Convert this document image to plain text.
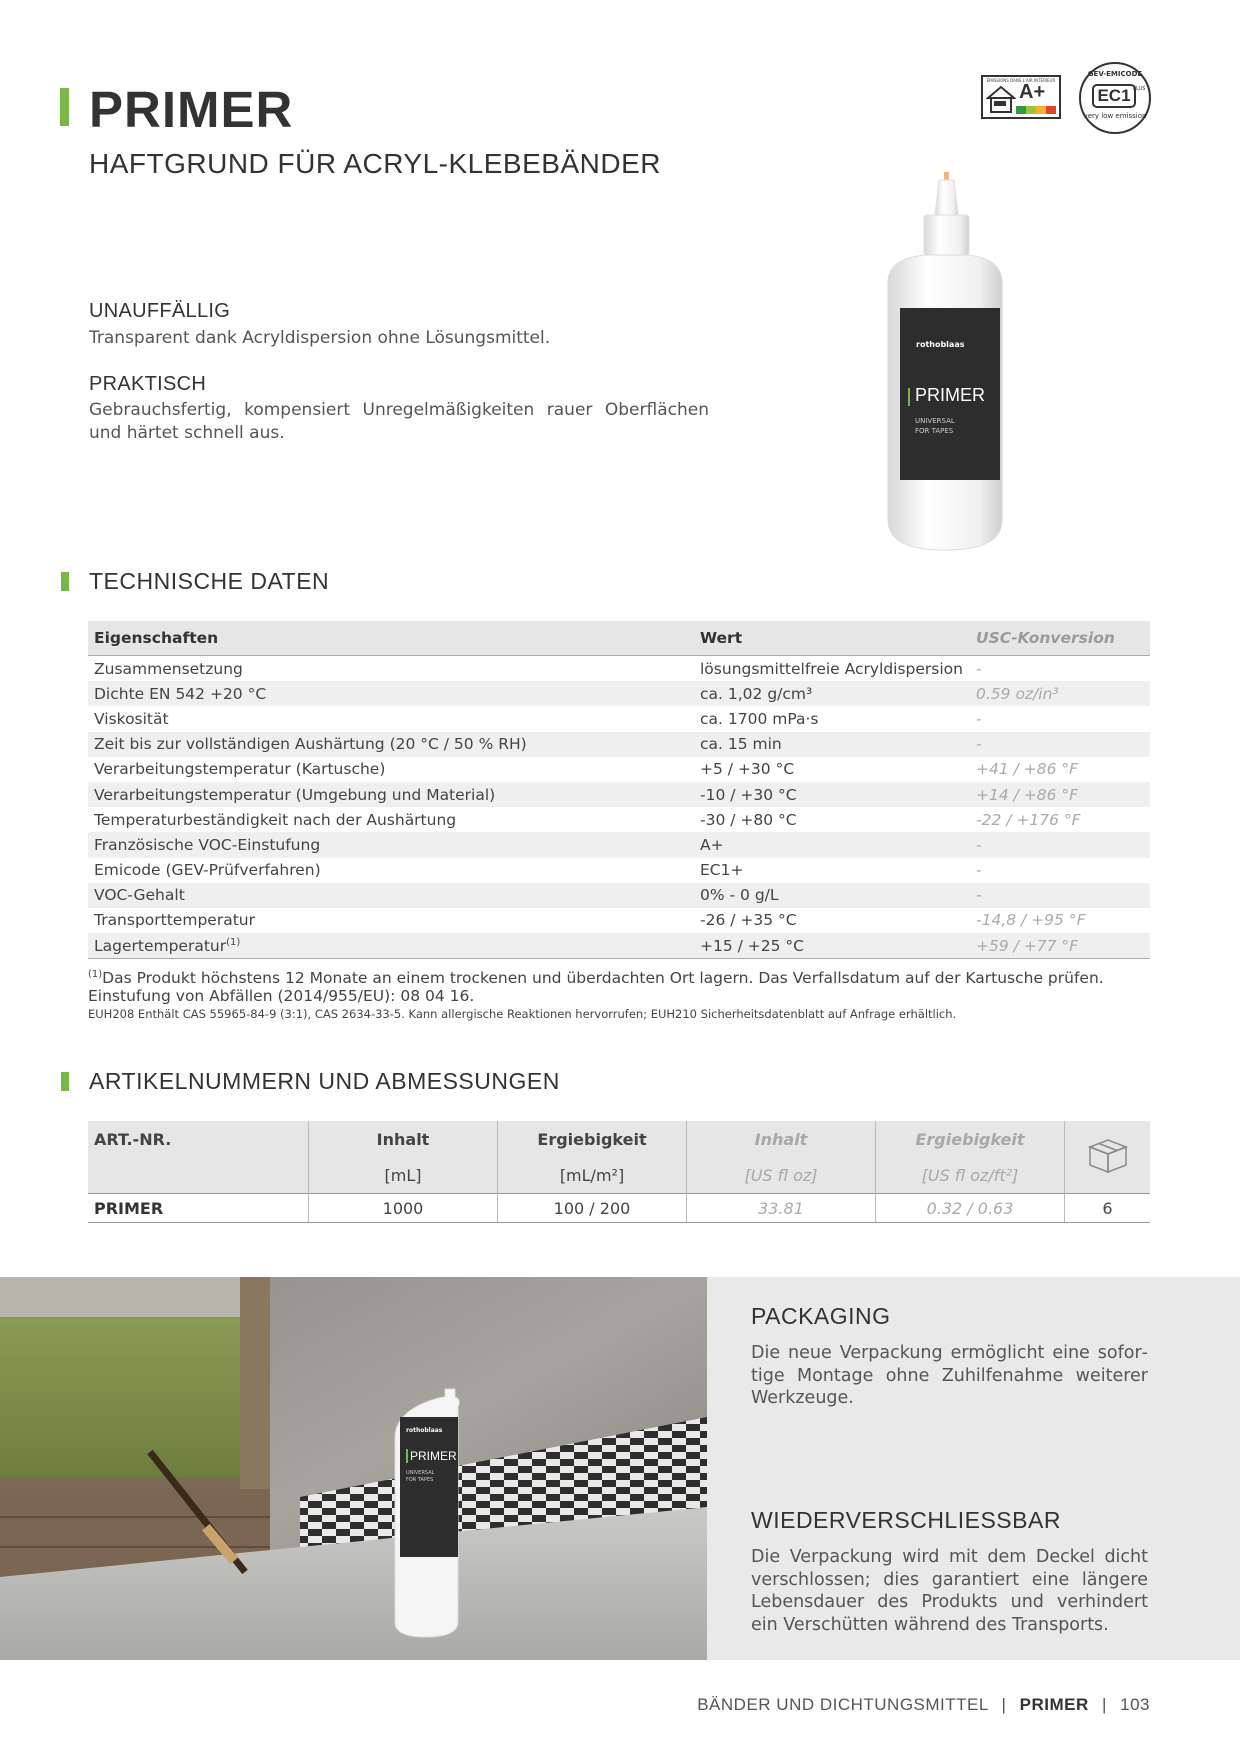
PRIMER
HAFTGRUND FÜR ACRYL-KLEBEBÄNDER
ÉMISSIONS DANS L'AIR INTÉRIEUR
A+
GEV-EMICODE
EC1 PLUS
very low emission
UNAUFFÄLLIG
Transparent dank Acryldispersion ohne Lösungsmittel.
PRAKTISCH
Gebrauchsfertig, kompensiert Unregelmäßigkeiten rauer Oberflächen und härtet schnell aus.
rothoblaas
PRIMER
UNIVERSAL
FOR TAPES
TECHNISCHE DATEN
Eigenschaften	Wert	USC-Konversion
Zusammensetzung	lösungsmittelfreie Acryldispersion	-
Dichte EN 542 +20 °C	ca. 1,02 g/cm³	0.59 oz/in³
Viskosität	ca. 1700 mPa·s	-
Zeit bis zur vollständigen Aushärtung (20 °C / 50 % RH)	ca. 15 min	-
Verarbeitungstemperatur (Kartusche)	+5 / +30 °C	+41 / +86 °F
Verarbeitungstemperatur (Umgebung und Material)	-10 / +30 °C	+14 / +86 °F
Temperaturbeständigkeit nach der Aushärtung	-30 / +80 °C	-22 / +176 °F
Französische VOC-Einstufung	A+	-
Emicode (GEV-Prüfverfahren)	EC1+	-
VOC-Gehalt	0% - 0 g/L	-
Transporttemperatur	-26 / +35 °C	-14,8 / +95 °F
Lagertemperatur$^{(1)}$	+15 / +25 °C	+59 / +77 °F
$^{(1)}$Das Produkt höchstens 12 Monate an einem trockenen und überdachten Ort lagern. Das Verfallsdatum auf der Kartusche prüfen.
Einstufung von Abfällen (2014/955/EU): 08 04 16.
EUH208 Enthält CAS 55965-84-9 (3:1), CAS 2634-33-5. Kann allergische Reaktionen hervorrufen; EUH210 Sicherheitsdatenblatt auf Anfrage erhältlich.
ARTIKELNUMMERN UND ABMESSUNGEN
ART.-NR.	Inhalt	Ergiebigkeit	Inhalt	Ergiebigkeit	
	[mL]	[mL/m²]	[US fl oz]	[US fl oz/ft²]	
PRIMER	1000	100 / 200	33.81	0.32 / 0.63	6
rothoblaas
PRIMER
UNIVERSAL
FOR TAPES
PACKAGING
Die neue Verpackung ermöglicht eine sofortige Montage ohne Zuhilfenahme weiterer Werkzeuge.
WIEDERVERSCHLIESSBAR
Die Verpackung wird mit dem Deckel dicht verschlossen; dies garantiert eine längere Lebensdauer des Produkts und verhindert ein Verschütten während des Transports.
BÄNDER UND DICHTUNGSMITTEL | PRIMER | 103
